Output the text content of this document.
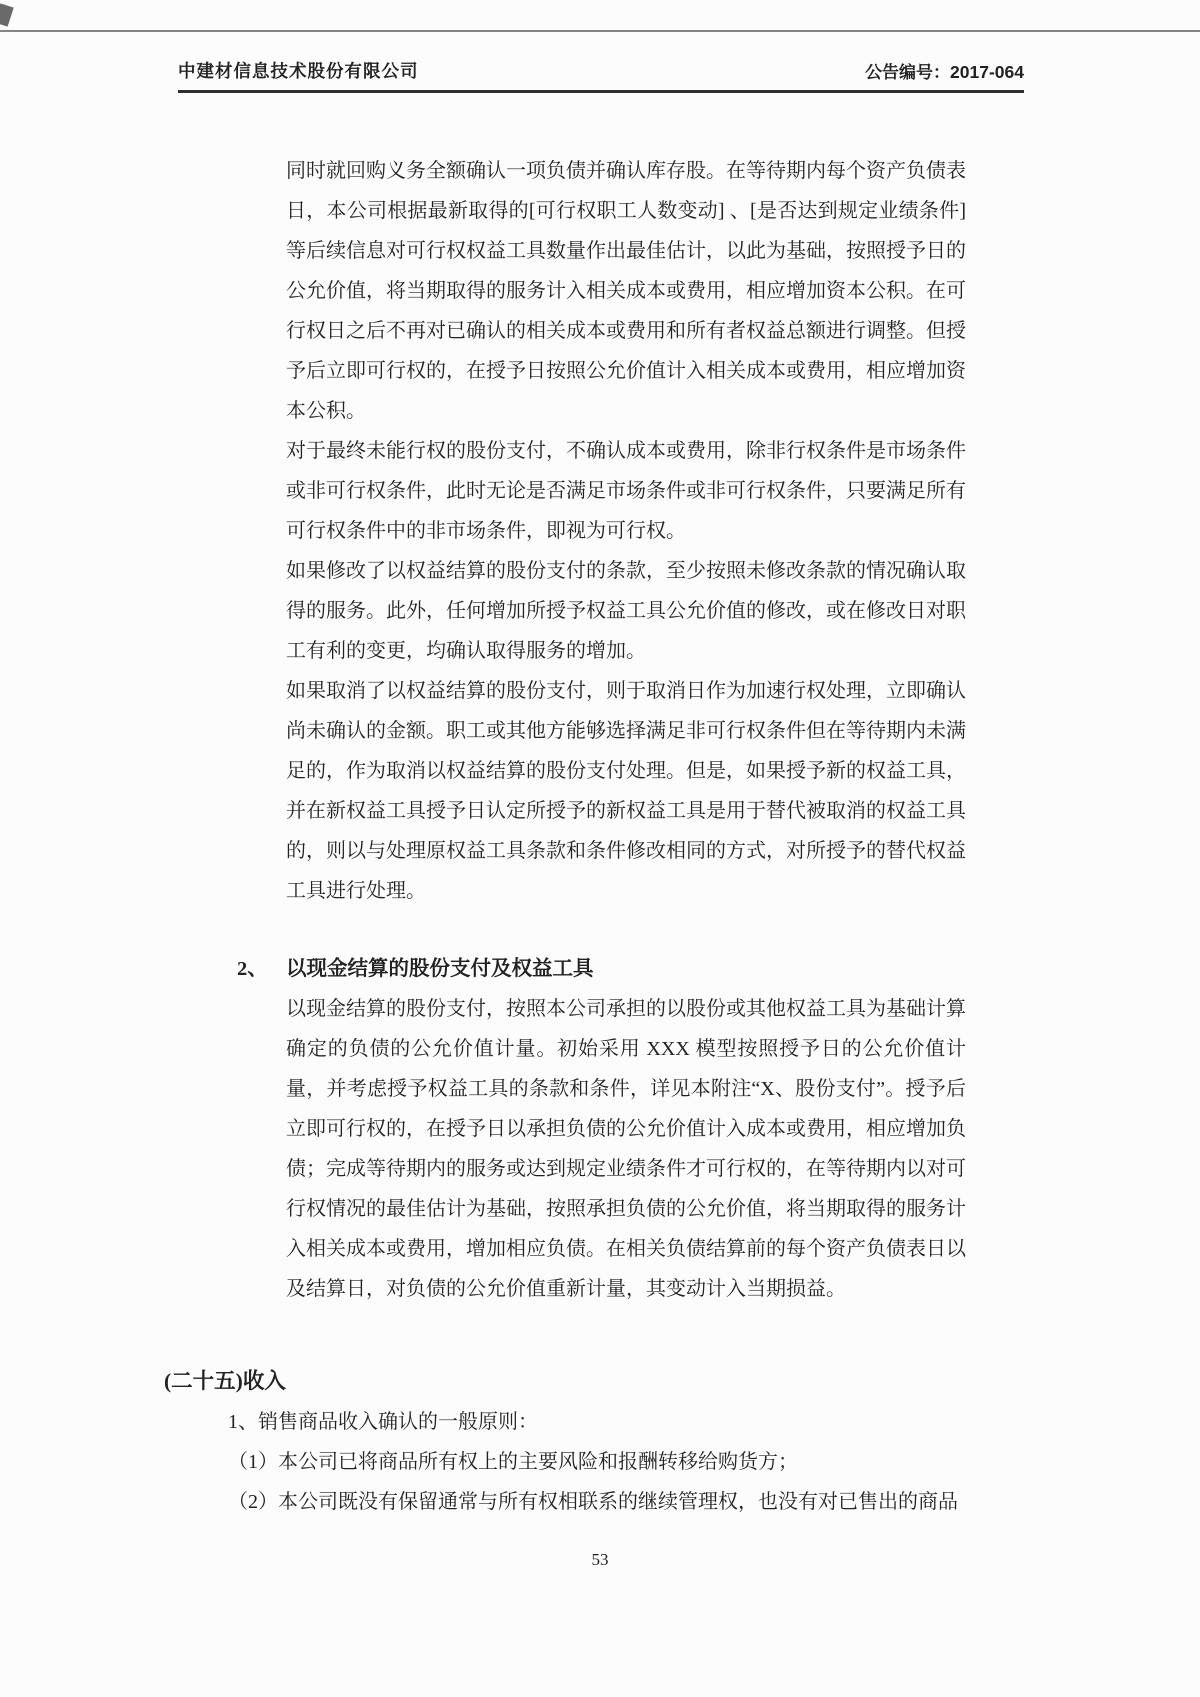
中建材信息技术股份有限公司	公告编号：2017-064

同时就回购义务全额确认一项负债并确认库存股。在等待期内每个资产负债表日，本公司根据最新取得的[可行权职工人数变动] 、[是否达到规定业绩条件]等后续信息对可行权权益工具数量作出最佳估计，以此为基础，按照授予日的公允价值，将当期取得的服务计入相关成本或费用，相应增加资本公积。在可行权日之后不再对已确认的相关成本或费用和所有者权益总额进行调整。但授予后立即可行权的，在授予日按照公允价值计入相关成本或费用，相应增加资本公积。

对于最终未能行权的股份支付，不确认成本或费用，除非行权条件是市场条件或非可行权条件，此时无论是否满足市场条件或非可行权条件，只要满足所有可行权条件中的非市场条件，即视为可行权。

如果修改了以权益结算的股份支付的条款，至少按照未修改条款的情况确认取得的服务。此外，任何增加所授予权益工具公允价值的修改，或在修改日对职工有利的变更，均确认取得服务的增加。

如果取消了以权益结算的股份支付，则于取消日作为加速行权处理，立即确认尚未确认的金额。职工或其他方能够选择满足非可行权条件但在等待期内未满足的，作为取消以权益结算的股份支付处理。但是，如果授予新的权益工具，并在新权益工具授予日认定所授予的新权益工具是用于替代被取消的权益工具的，则以与处理原权益工具条款和条件修改相同的方式，对所授予的替代权益工具进行处理。

2、 以现金结算的股份支付及权益工具

以现金结算的股份支付，按照本公司承担的以股份或其他权益工具为基础计算确定的负债的公允价值计量。初始采用 XXX 模型按照授予日的公允价值计量，并考虑授予权益工具的条款和条件，详见本附注“X、股份支付”。授予后立即可行权的，在授予日以承担负债的公允价值计入成本或费用，相应增加负债；完成等待期内的服务或达到规定业绩条件才可行权的，在等待期内以对可行权情况的最佳估计为基础，按照承担负债的公允价值，将当期取得的服务计入相关成本或费用，增加相应负债。在相关负债结算前的每个资产负债表日以及结算日，对负债的公允价值重新计量，其变动计入当期损益。

(二十五)收入

1、销售商品收入确认的一般原则：

（1）本公司已将商品所有权上的主要风险和报酬转移给购货方；

（2）本公司既没有保留通常与所有权相联系的继续管理权，也没有对已售出的商品

53
